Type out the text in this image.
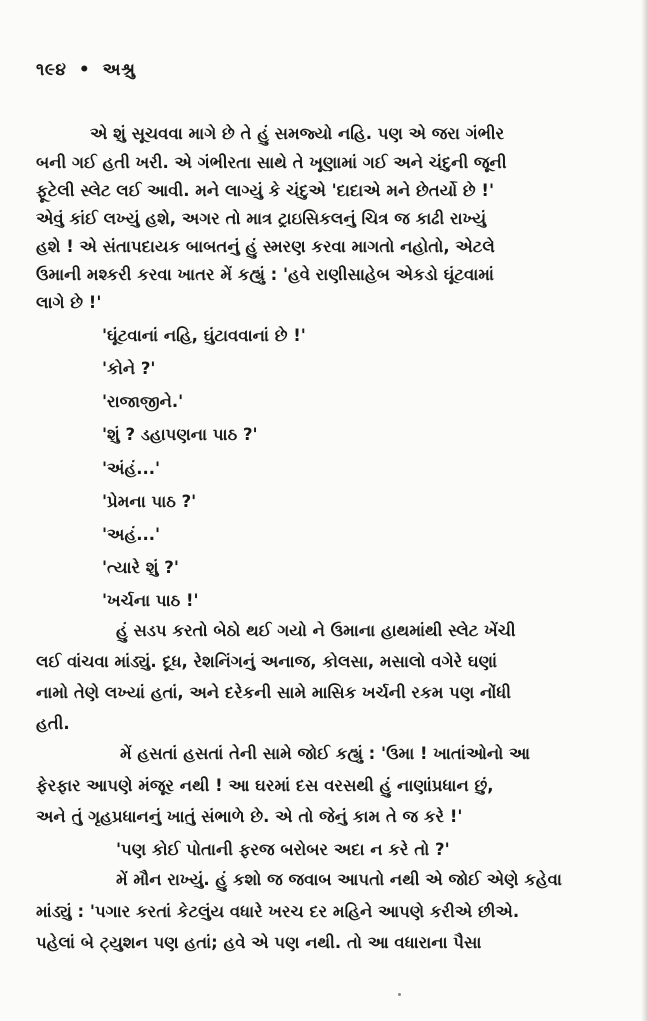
૧૯૪ • અશ્રુ
એ શું સૂચવવા માગે છે તે હું સમજ્યો નહિ. પણ એ જરા ગંભીર
બની ગઈ હતી ખરી. એ ગંભીરતા સાથે તે ખૂણામાં ગઈ અને ચંદુની જૂની
ફૂટેલી સ્લેટ લઈ આવી. મને લાગ્યું કે ચંદુએ 'દાદાએ મને છેતર્યો છે !'
એવું કાંઈ લખ્યું હશે, અગર તો માત્ર ટ્રાઇસિકલનું ચિત્ર જ કાઢી રાખ્યું
હશે ! એ સંતાપદાયક બાબતનું હું સ્મરણ કરવા માગતો નહોતો, એટલે
ઉમાની મશ્કરી કરવા ખાતર મેં કહ્યું : 'હવે રાણીસાહેબ એકડો ઘૂંટવામાં
લાગે છે !'
'ઘૂંટવાનાં નહિ, ઘુંટાવવાનાં છે !'
'કોને ?'
'રાજાજીને.'
'શું ? ડહાપણના પાઠ ?'
'અંહં...'
'પ્રેમના પાઠ ?'
'અહં...'
'ત્યારે શું ?'
'ખર્ચના પાઠ !'
હું સડપ કરતો બેઠો થઈ ગયો ને ઉમાના હાથમાંથી સ્લેટ ખેંચી
લઈ વાંચવા માંડ્યું. દૂધ, રેશનિંગનું અનાજ, કોલસા, મસાલો વગેરે ઘણાં
નામો તેણે લખ્યાં હતાં, અને દરેકની સામે માસિક ખર્ચની રકમ પણ નોંધી
હતી.
મેં હસતાં હસતાં તેની સામે જોઈ કહ્યું : 'ઉમા ! ખાતાંઓનો આ
ફેરફાર આપણે મંજૂર નથી ! આ ઘરમાં દસ વરસથી હું નાણાંપ્રધાન છું,
અને તું ગૃહપ્રધાનનું ખાતું સંભાળે છે. એ તો જેનું કામ તે જ કરે !'
'પણ કોઈ પોતાની ફરજ બરોબર અદા ન કરે તો ?'
મેં મૌન રાખ્યું. હું કશો જ જવાબ આપતો નથી એ જોઈ એણે કહેવા
માંડ્યું : 'પગાર કરતાં કેટલુંય વધારે ખરચ દર મહિને આપણે કરીએ છીએ.
પહેલાં બે ટ્યુશન પણ હતાં; હવે એ પણ નથી. તો આ વધારાના પૈસા
